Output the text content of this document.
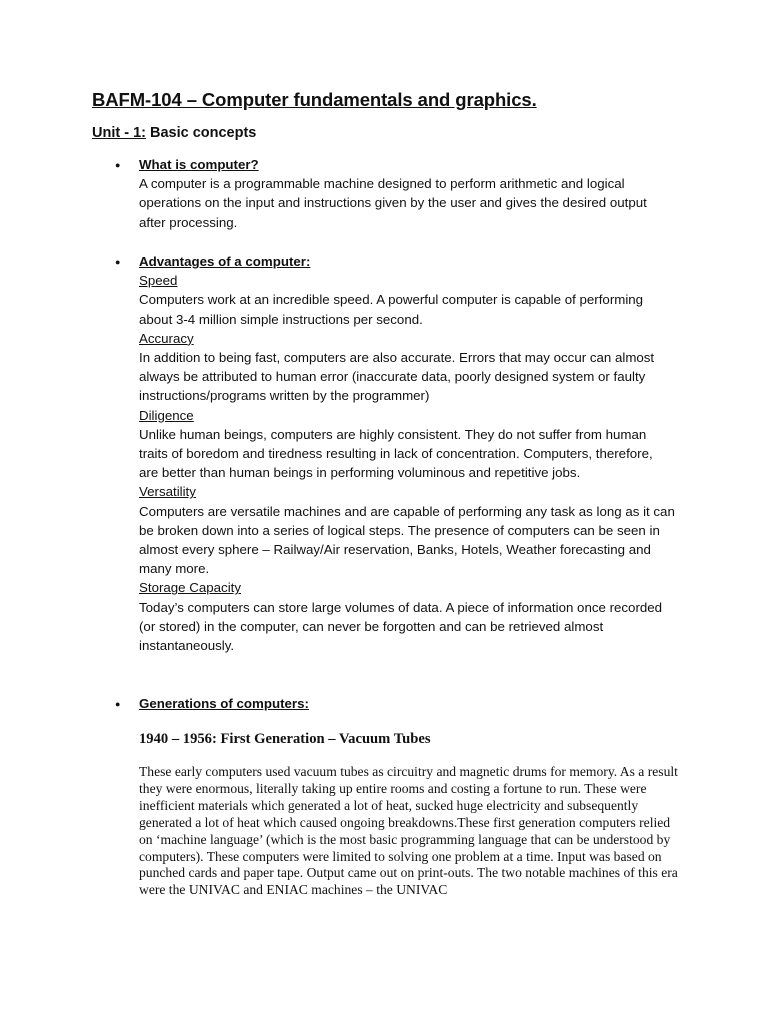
BAFM-104 – Computer fundamentals and graphics.
Unit - 1: Basic concepts
● What is computer?
A computer is a programmable machine designed to perform arithmetic and logical operations on the input and instructions given by the user and gives the desired output after processing.
● Advantages of a computer:
Speed
Computers work at an incredible speed. A powerful computer is capable of performing about 3-4 million simple instructions per second.
Accuracy
In addition to being fast, computers are also accurate. Errors that may occur can almost always be attributed to human error (inaccurate data, poorly designed system or faulty instructions/programs written by the programmer)
Diligence
Unlike human beings, computers are highly consistent. They do not suffer from human traits of boredom and tiredness resulting in lack of concentration. Computers, therefore, are better than human beings in performing voluminous and repetitive jobs.
Versatility
Computers are versatile machines and are capable of performing any task as long as it can be broken down into a series of logical steps. The presence of computers can be seen in almost every sphere – Railway/Air reservation, Banks, Hotels, Weather forecasting and many more.
Storage Capacity
Today’s computers can store large volumes of data. A piece of information once recorded (or stored) in the computer, can never be forgotten and can be retrieved almost instantaneously.
● Generations of computers:
1940 – 1956: First Generation – Vacuum Tubes
These early computers used vacuum tubes as circuitry and magnetic drums for memory. As a result they were enormous, literally taking up entire rooms and costing a fortune to run. These were inefficient materials which generated a lot of heat, sucked huge electricity and subsequently generated a lot of heat which caused ongoing breakdowns.These first generation computers relied on ‘machine language’ (which is the most basic programming language that can be understood by computers). These computers were limited to solving one problem at a time. Input was based on punched cards and paper tape. Output came out on print-outs. The two notable machines of this era were the UNIVAC and ENIAC machines – the UNIVAC
